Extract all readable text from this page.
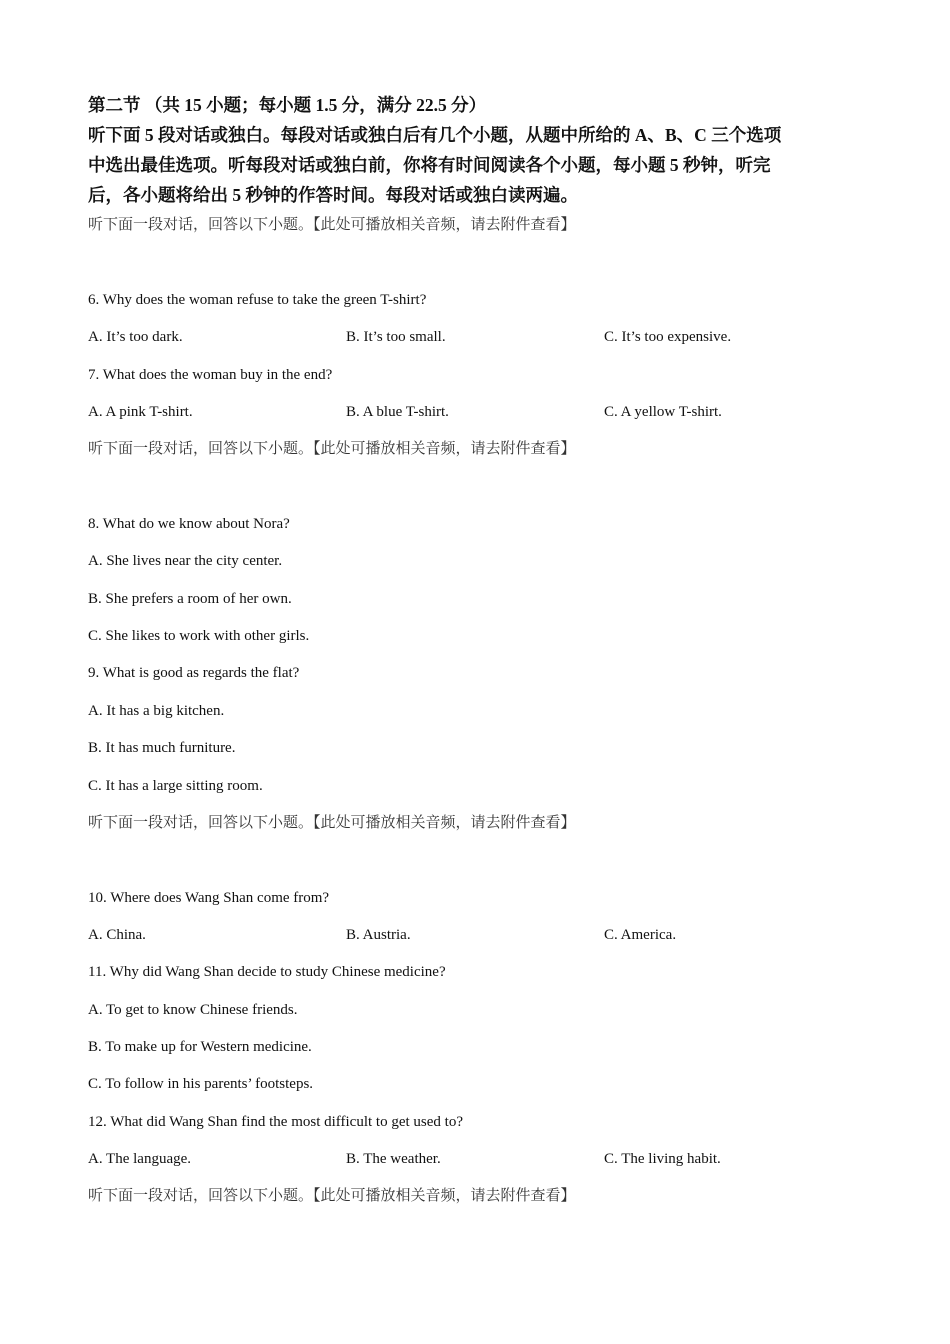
第二节 （共 15 小题；每小题 1.5 分，满分 22.5 分）
听下面 5 段对话或独白。每段对话或独白后有几个小题，从题中所给的 A、B、C 三个选项
中选出最佳选项。听每段对话或独白前，你将有时间阅读各个小题，每小题 5 秒钟，听完
后，各小题将给出 5 秒钟的作答时间。每段对话或独白读两遍。
听下面一段对话，回答以下小题。【此处可播放相关音频，请去附件查看】
6. Why does the woman refuse to take the green T-shirt?
A. It’s too dark.	B. It’s too small.	C. It’s too expensive.
7. What does the woman buy in the end?
A. A pink T-shirt.	B. A blue T-shirt.	C. A yellow T-shirt.
听下面一段对话，回答以下小题。【此处可播放相关音频，请去附件查看】
8. What do we know about Nora?
A. She lives near the city center.
B. She prefers a room of her own.
C. She likes to work with other girls.
9. What is good as regards the flat?
A. It has a big kitchen.
B. It has much furniture.
C. It has a large sitting room.
听下面一段对话，回答以下小题。【此处可播放相关音频，请去附件查看】
10. Where does Wang Shan come from?
A. China.	B. Austria.	C. America.
11. Why did Wang Shan decide to study Chinese medicine?
A. To get to know Chinese friends.
B. To make up for Western medicine.
C. To follow in his parents’ footsteps.
12. What did Wang Shan find the most difficult to get used to?
A. The language.	B. The weather.	C. The living habit.
听下面一段对话，回答以下小题。【此处可播放相关音频，请去附件查看】
